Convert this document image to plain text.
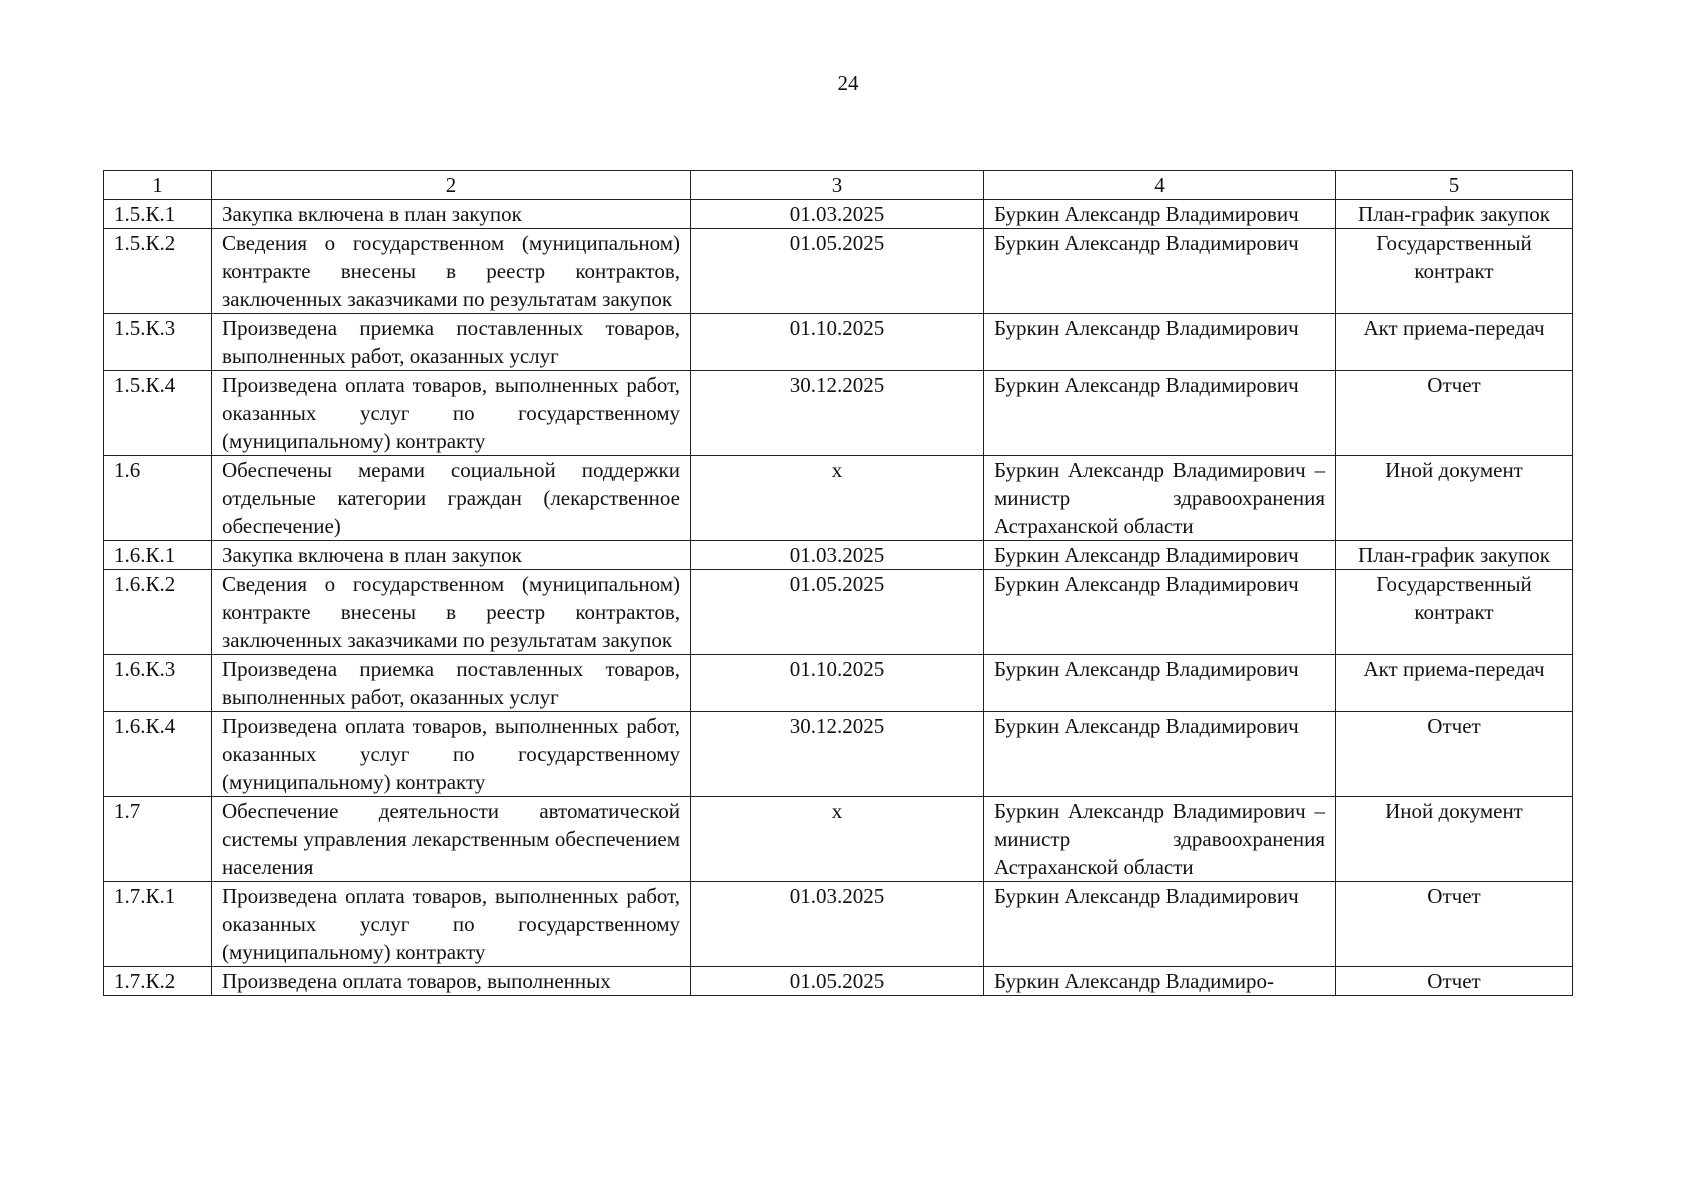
24
1	2	3	4	5
1.5.К.1	Закупка включена в план закупок	01.03.2025	Буркин Александр Владимирович	План-график закупок
1.5.К.2	Сведения о государственном (муниципальном) контракте внесены в реестр контрактов, заключенных заказчиками по результатам закупок	01.05.2025	Буркин Александр Владимирович	Государственный контракт
1.5.К.3	Произведена приемка поставленных товаров, выполненных работ, оказанных услуг	01.10.2025	Буркин Александр Владимирович	Акт приема-передач
1.5.К.4	Произведена оплата товаров, выполненных работ, оказанных услуг по государственному (муниципальному) контракту	30.12.2025	Буркин Александр Владимирович	Отчет
1.6	Обеспечены мерами социальной поддержки отдельные категории граждан (лекарственное обеспечение)	х	Буркин Александр Владимирович – министр здравоохранения Астраханской области	Иной документ
1.6.К.1	Закупка включена в план закупок	01.03.2025	Буркин Александр Владимирович	План-график закупок
1.6.К.2	Сведения о государственном (муниципальном) контракте внесены в реестр контрактов, заключенных заказчиками по результатам закупок	01.05.2025	Буркин Александр Владимирович	Государственный контракт
1.6.К.3	Произведена приемка поставленных товаров, выполненных работ, оказанных услуг	01.10.2025	Буркин Александр Владимирович	Акт приема-передач
1.6.К.4	Произведена оплата товаров, выполненных работ, оказанных услуг по государственному (муниципальному) контракту	30.12.2025	Буркин Александр Владимирович	Отчет
1.7	Обеспечение деятельности автоматической системы управления лекарственным обеспечением населения	х	Буркин Александр Владимирович – министр здравоохранения Астраханской области	Иной документ
1.7.К.1	Произведена оплата товаров, выполненных работ, оказанных услуг по государственному (муниципальному) контракту	01.03.2025	Буркин Александр Владимирович	Отчет
1.7.К.2	Произведена оплата товаров, выполненных	01.05.2025	Буркин Александр Владимиро-	Отчет
